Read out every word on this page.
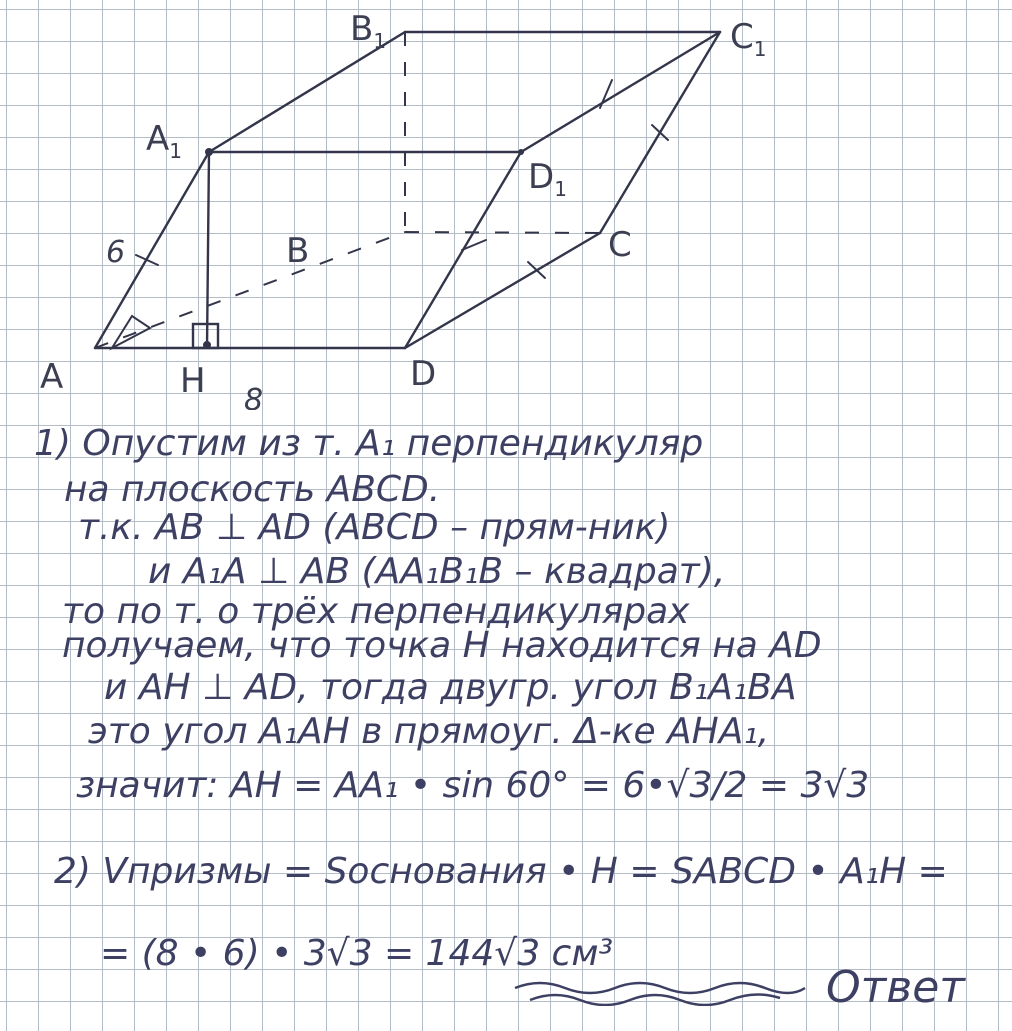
A	H	D
C
B
$A_1$
$B_1$	$C_1$
$D_1$
6
8
1) Опустим из т. A₁ перпендикуляр
на плоскость ABCD.
т.к. AB ⊥ AD (ABCD – прям-ник)
и A₁A ⊥ AB (AA₁B₁B – квадрат),
то по т. о трёх перпендикулярах
получаем, что точка H находится на AD
и AH ⊥ AD, тогда двугр. угол B₁A₁BA
это угол A₁AH в прямоуг. Δ-ке AHA₁,
значит: AH = AA₁ • sin 60° = 6•√3/2 = 3√3
2) Vпризмы = Sоснования • H = SABCD • A₁H =
= (8 • 6) • 3√3 = 144√3 см³
Ответ
